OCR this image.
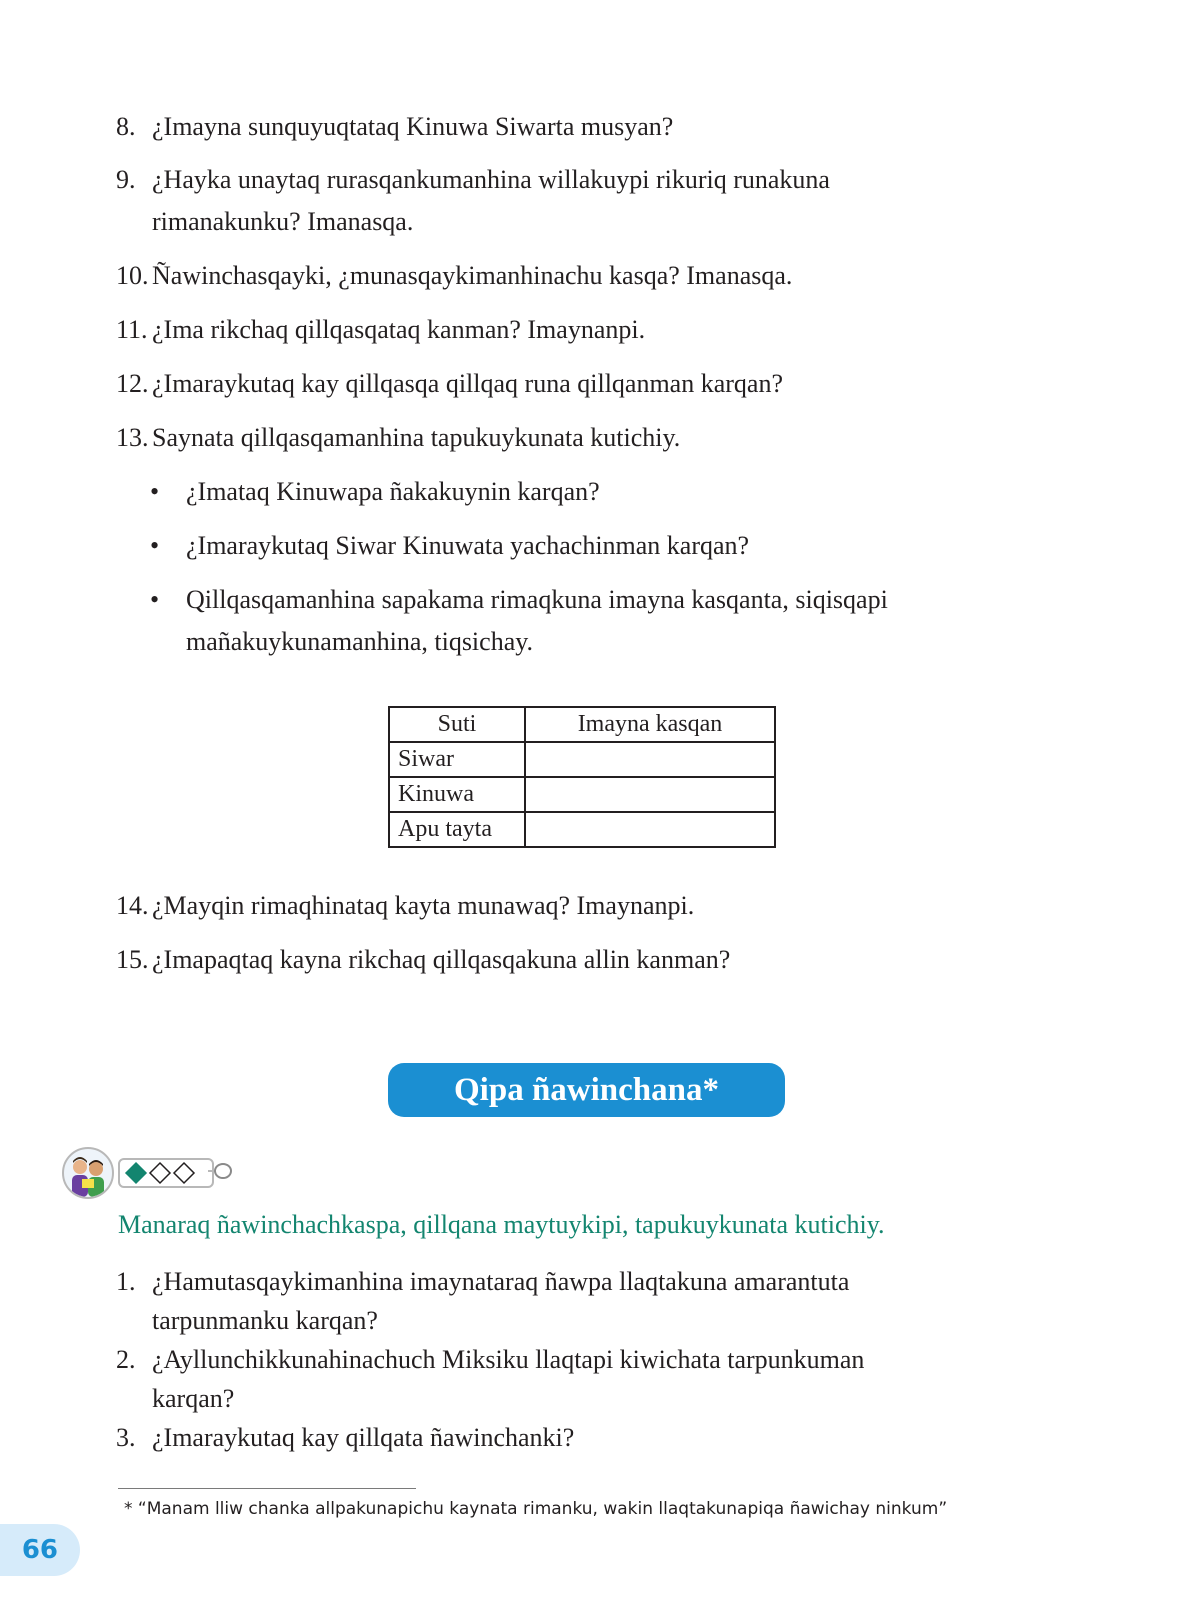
8. ¿Imayna sunquyuqtataq Kinuwa Siwarta musyan?
9. ¿Hayka unaytaq rurasqankumanhina willakuypi rikuriq runakuna
rimanakunku? Imanasqa.
10. Ñawinchasqayki, ¿munasqaykimanhinachu kasqa? Imanasqa.
11. ¿Ima rikchaq qillqasqataq kanman? Imaynanpi.
12. ¿Imaraykutaq kay qillqasqa qillqaq runa qillqanman karqan?
13. Saynata qillqasqamanhina tapukuykunata kutichiy.
• ¿Imataq Kinuwapa ñakakuynin karqan?
• ¿Imaraykutaq Siwar Kinuwata yachachinman karqan?
• Qillqasqamanhina sapakama rimaqkuna imayna kasqanta, siqisqapi
mañakuykunamanhina, tiqsichay.
Suti	Imayna kasqan
Siwar	
Kinuwa	
Apu tayta	
14. ¿Mayqin rimaqhinataq kayta munawaq? Imaynanpi.
15. ¿Imapaqtaq kayna rikchaq qillqasqakuna allin kanman?
Qipa ñawinchana*
Manaraq ñawinchachkaspa, qillqana maytuykipi, tapukuykunata kutichiy.
1. ¿Hamutasqaykimanhina imaynataraq ñawpa llaqtakuna amarantuta
tarpunmanku karqan?
2. ¿Ayllunchikkunahinachuch Miksiku llaqtapi kiwichata tarpunkuman
karqan?
3. ¿Imaraykutaq kay qillqata ñawinchanki?
* “Manam lliw chanka allpakunapichu kaynata rimanku, wakin llaqtakunapiqa ñawichay ninkum”
66
